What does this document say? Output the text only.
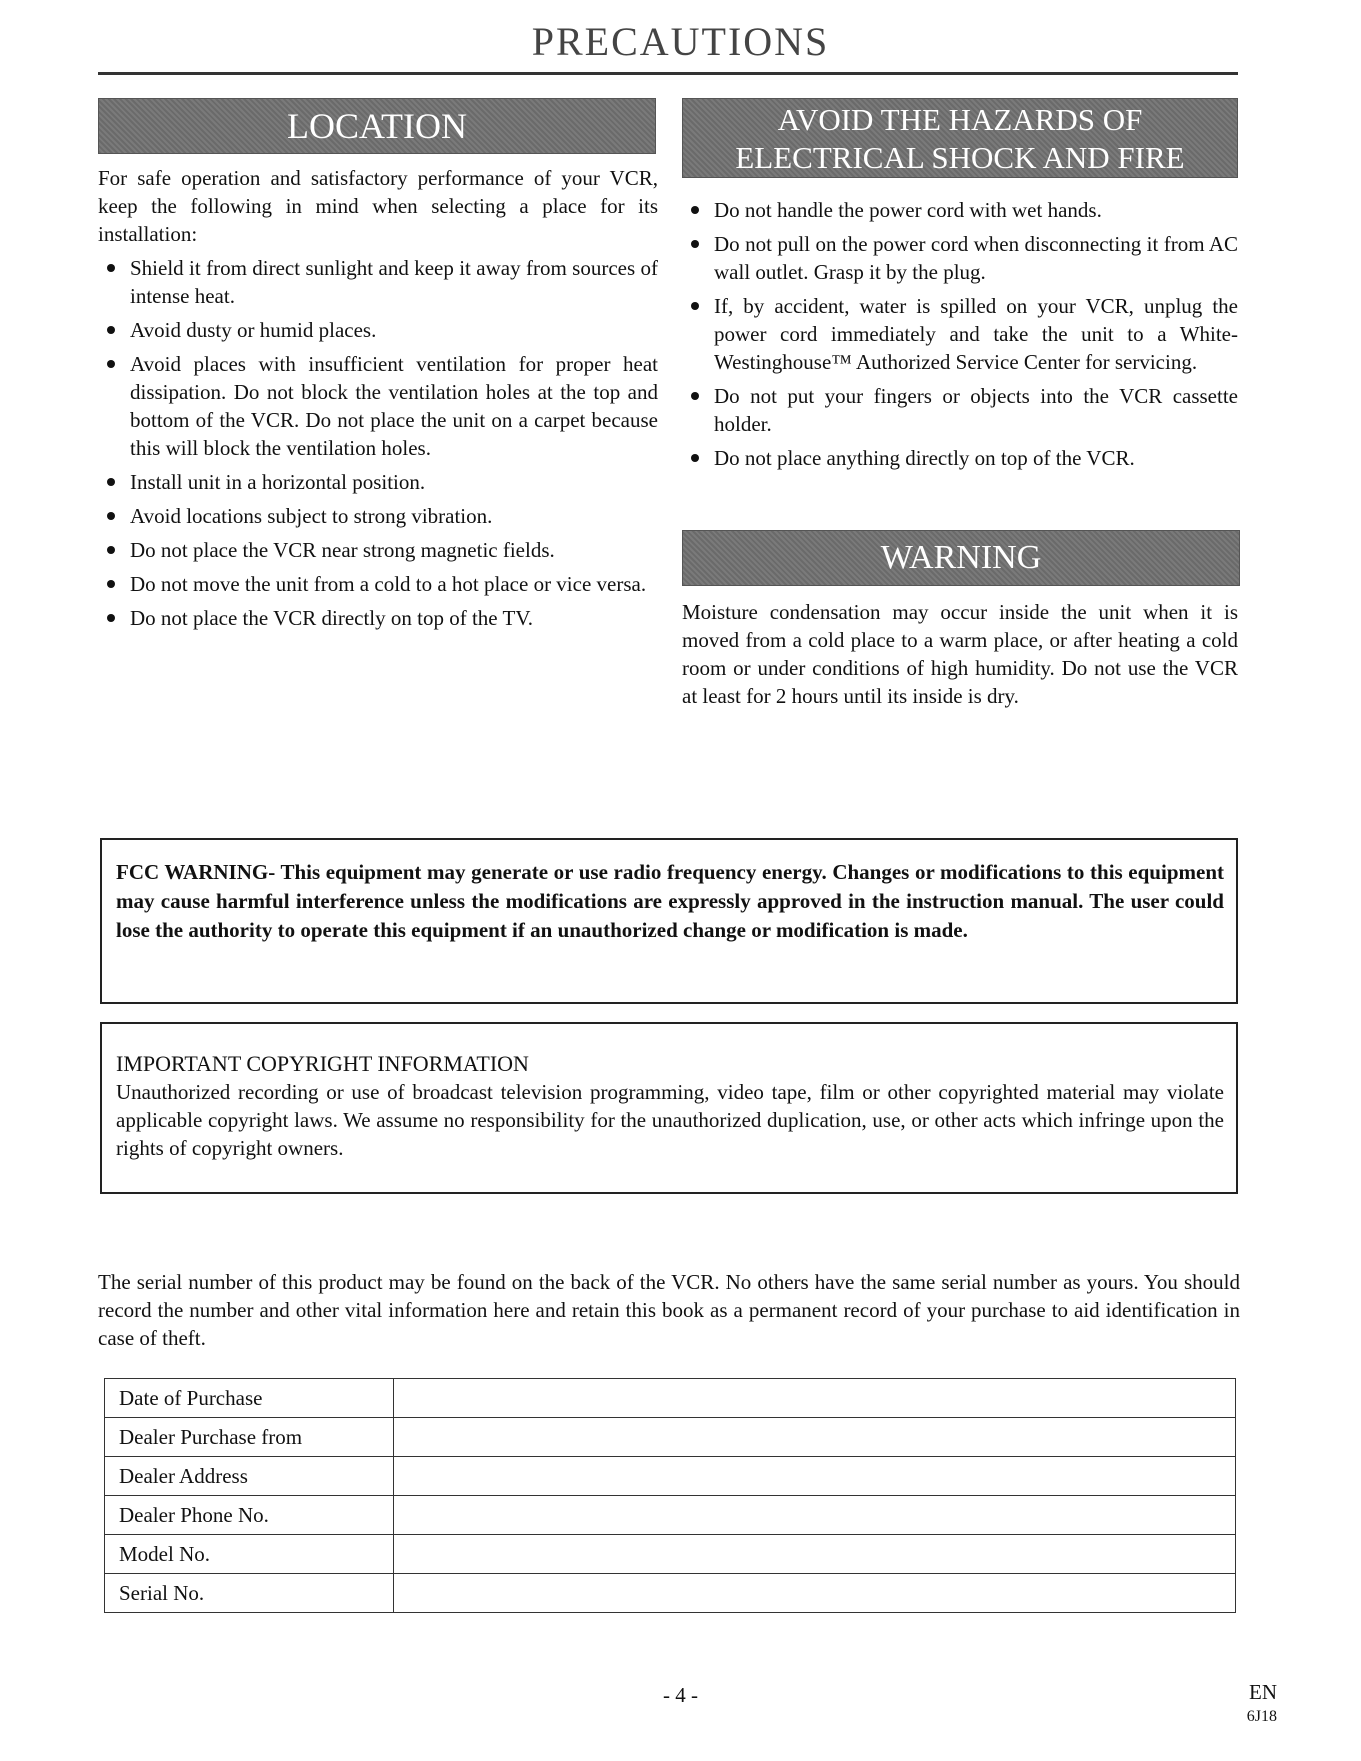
PRECAUTIONS
LOCATION

For safe operation and satisfactory performance of your VCR, keep the following in mind when selecting a place for its installation:

Shield it from direct sunlight and keep it away from sources of intense heat.
Avoid dusty or humid places.
Avoid places with insufficient ventilation for proper heat dissipation. Do not block the ventilation holes at the top and bottom of the VCR. Do not place the unit on a carpet because this will block the ventilation holes.
Install unit in a horizontal position.
Avoid locations subject to strong vibration.
Do not place the VCR near strong magnetic fields.
Do not move the unit from a cold to a hot place or vice versa.
Do not place the VCR directly on top of the TV.
AVOID THE HAZARDS OF
ELECTRICAL SHOCK AND FIRE
Do not handle the power cord with wet hands.
Do not pull on the power cord when disconnecting it from AC wall outlet. Grasp it by the plug.
If, by accident, water is spilled on your VCR, unplug the power cord immediately and take the unit to a White-Westinghouse™ Authorized Service Center for servicing.
Do not put your fingers or objects into the VCR cassette holder.
Do not place anything directly on top of the VCR.
WARNING

Moisture condensation may occur inside the unit when it is moved from a cold place to a warm place, or after heating a cold room or under conditions of high humidity. Do not use the VCR at least for 2 hours until its inside is dry.

FCC WARNING- This equipment may generate or use radio frequency energy. Changes or modifications to this equipment may cause harmful interference unless the modifications are expressly approved in the instruction manual. The user could lose the authority to operate this equipment if an unauthorized change or modification is made.

IMPORTANT COPYRIGHT INFORMATION

Unauthorized recording or use of broadcast television programming, video tape, film or other copyrighted material may violate applicable copyright laws. We assume no responsibility for the unauthorized duplication, use, or other acts which infringe upon the rights of copyright owners.

The serial number of this product may be found on the back of the VCR. No others have the same serial number as yours. You should record the number and other vital information here and retain this book as a permanent record of your purchase to aid identification in case of theft.

Date of Purchase	
Dealer Purchase from	
Dealer Address	
Dealer Phone No.	
Model No.	
Serial No.	
- 4 -	EN
6J18
